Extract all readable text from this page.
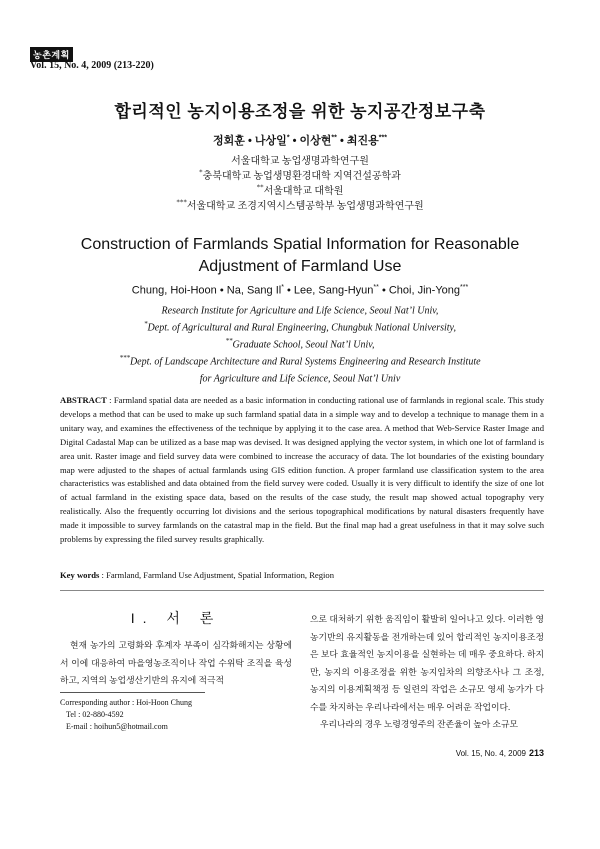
농촌계획
Vol. 15, No. 4, 2009 (213-220)
합리적인 농지이용조정을 위한 농지공간정보구축
정회훈 • 나상일* • 이상현** • 최진용***
서울대학교 농업생명과학연구원
*충북대학교 농업생명환경대학 지역건설공학과
**서울대학교 대학원
***서울대학교 조경지역시스템공학부 농업생명과학연구원
Construction of Farmlands Spatial Information for Reasonable
Adjustment of Farmland Use
Chung, Hoi-Hoon • Na, Sang Il* • Lee, Sang-Hyun** • Choi, Jin-Yong***
Research Institute for Agriculture and Life Science, Seoul Nat’l Univ,
*Dept. of Agricultural and Rural Engineering, Chungbuk National University,
**Graduate School, Seoul Nat’l Univ,
***Dept. of Landscape Architecture and Rural Systems Engineering and Research Institute
for Agriculture and Life Science, Seoul Nat’l Univ
ABSTRACT : Farmland spatial data are needed as a basic information in conducting rational use of farmlands in regional scale. This study develops a method that can be used to make up such farmland spatial data in a simple way and to develop a technique to manage them in a unitary way, and examines the effectiveness of the technique by applying it to the case area. A method that Web-Service Raster Image and Digital Cadastal Map can be utilized as a base map was devised. It was designed applying the vector system, in which one lot of farmland is area unit. Raster image and field survey data were combined to increase the accuracy of data. The lot boundaries of the existing boundary map were adjusted to the shapes of actual farmlands using GIS edition function. A proper farmland use classification system to the area characteristics was established and data obtained from the field survey were coded. Usually it is very difficult to identify the size of one lot of actual farmland in the existing space data, based on the results of the case study, the result map showed actual topography very realistically. Also the frequently occurring lot divisions and the serious topographical modifications by natural disasters frequently have made it impossible to survey farmlands on the catastral map in the field. But the final map had a great usefulness in that it may solve such problems by expressing the filed survey results graphically.
Key words : Farmland, Farmland Use Adjustment, Spatial Information, Region
I. 서 론
현재 농가의 고령화와 후계자 부족이 심각화해지는 상황에서 이에 대응하여 마을영농조직이나 작업 수위탁 조직을 육성하고, 지역의 농업생산기반의 유지에 적극적
으로 대처하기 위한 움직임이 활발히 일어나고 있다. 이러한 영농기반의 유지활동을 전개하는데 있어 합리적인 농지이용조정은 보다 효율적인 농지이용을 실현하는 데 매우 중요하다. 하지만, 농지의 이용조정을 위한 농지임차의 의향조사나 그 조정, 농지의 이용계획책정 등 일련의 작업은 소규모 영세 농가가 다수를 차지하는 우리나라에서는 매우 어려운 작업이다.
우리나라의 경우 노령경영주의 잔존율이 높아 소규모
Corresponding author : Hoi-Hoon Chung
Tel : 02-880-4592
E-mail : hoihun5@hotmail.com
Vol. 15, No. 4, 2009 213
